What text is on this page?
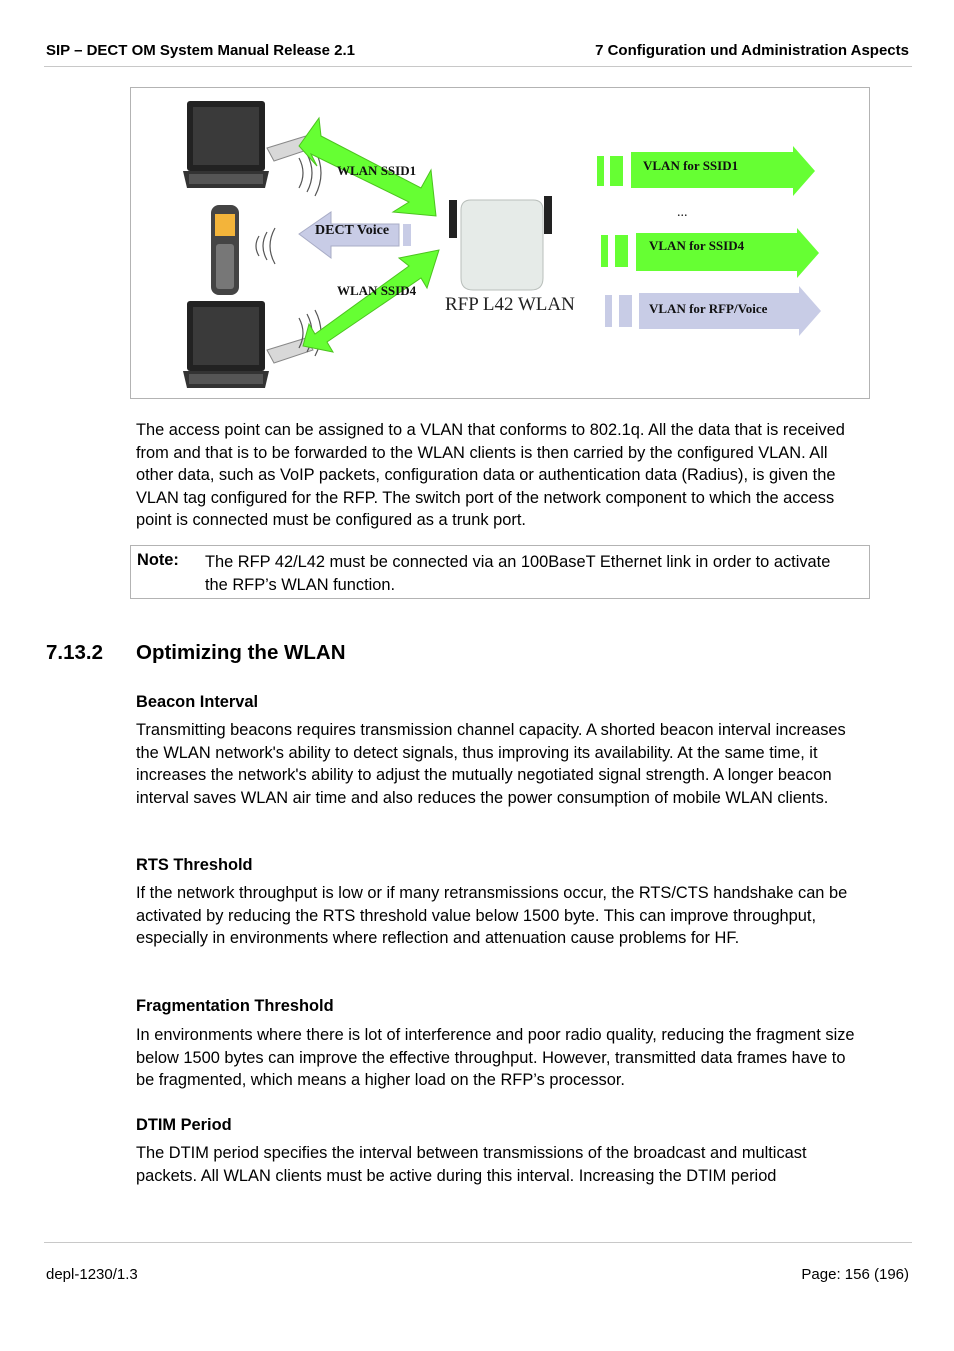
SIP – DECT OM System Manual Release 2.1	7 Configuration und Administration Aspects
WLAN SSID1
DECT Voice
WLAN SSID4
RFP L42 WLAN
VLAN for SSID1
...
VLAN for SSID4
VLAN for RFP/Voice

The access point can be assigned to a VLAN that conforms to 802.1q. All the data that is received from and that is to be forwarded to the WLAN clients is then carried by the configured VLAN. All other data, such as VoIP packets, configuration data or authentication data (Radius), is given the VLAN tag configured for the RFP. The switch port of the network component to which the access point is connected must be configured as a trunk port.

Note: The RFP 42/L42 must be connected via an 100BaseT Ethernet link in order to activate the RFP’s WLAN function.
7.13.2 Optimizing the WLAN
Beacon Interval

Transmitting beacons requires transmission channel capacity. A shorted beacon interval increases the WLAN network's ability to detect signals, thus improving its availability. At the same time, it increases the network's ability to adjust the mutually negotiated signal strength. A longer beacon interval saves WLAN air time and also reduces the power consumption of mobile WLAN clients.

RTS Threshold

If the network throughput is low or if many retransmissions occur, the RTS/CTS handshake can be activated by reducing the RTS threshold value below 1500 byte. This can improve throughput, especially in environments where reflection and attenuation cause problems for HF.

Fragmentation Threshold

In environments where there is lot of interference and poor radio quality, reducing the fragment size below 1500 bytes can improve the effective throughput. However, transmitted data frames have to be fragmented, which means a higher load on the RFP’s processor.

DTIM Period

The DTIM period specifies the interval between transmissions of the broadcast and multicast packets. All WLAN clients must be active during this interval. Increasing the DTIM period

depl-1230/1.3	Page: 156 (196)
